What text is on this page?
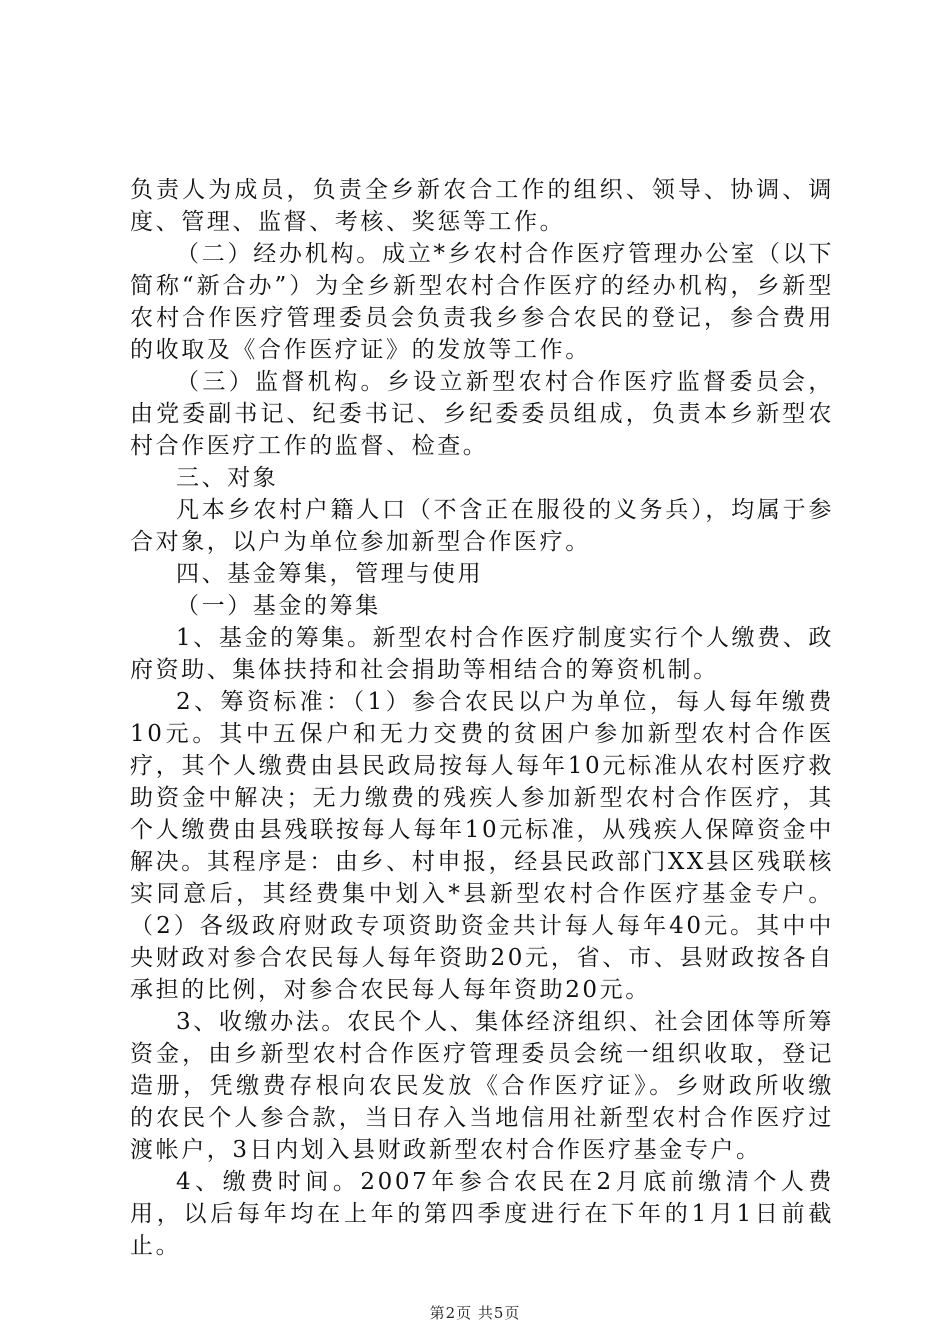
负责人为成员，负责全乡新农合工作的组织、领导、协调、调度、管理、监督、考核、奖惩等工作。

（二）经办机构。成立*乡农村合作医疗管理办公室（以下简称“新合办”）为全乡新型农村合作医疗的经办机构，乡新型农村合作医疗管理委员会负责我乡参合农民的登记，参合费用的收取及《合作医疗证》的发放等工作。

（三）监督机构。乡设立新型农村合作医疗监督委员会，由党委副书记、纪委书记、乡纪委委员组成，负责本乡新型农村合作医疗工作的监督、检查。

三、对象

凡本乡农村户籍人口（不含正在服役的义务兵），均属于参合对象，以户为单位参加新型合作医疗。

四、基金筹集，管理与使用

（一）基金的筹集

1、基金的筹集。新型农村合作医疗制度实行个人缴费、政府资助、集体扶持和社会捐助等相结合的筹资机制。

2、筹资标准：（1）参合农民以户为单位，每人每年缴费10元。其中五保户和无力交费的贫困户参加新型农村合作医疗，其个人缴费由县民政局按每人每年10元标准从农村医疗救助资金中解决；无力缴费的残疾人参加新型农村合作医疗，其个人缴费由县残联按每人每年10元标准，从残疾人保障资金中解决。其程序是：由乡、村申报，经县民政部门XX县区残联核实同意后，其经费集中划入*县新型农村合作医疗基金专户。（2）各级政府财政专项资助资金共计每人每年40元。其中中央财政对参合农民每人每年资助20元，省、市、县财政按各自承担的比例，对参合农民每人每年资助20元。

3、收缴办法。农民个人、集体经济组织、社会团体等所筹资金，由乡新型农村合作医疗管理委员会统一组织收取，登记造册，凭缴费存根向农民发放《合作医疗证》。乡财政所收缴的农民个人参合款，当日存入当地信用社新型农村合作医疗过渡帐户，3日内划入县财政新型农村合作医疗基金专户。

4、缴费时间。2007年参合农民在2月底前缴清个人费用，以后每年均在上年的第四季度进行在下年的1月1日前截止。

第2页 共5页
